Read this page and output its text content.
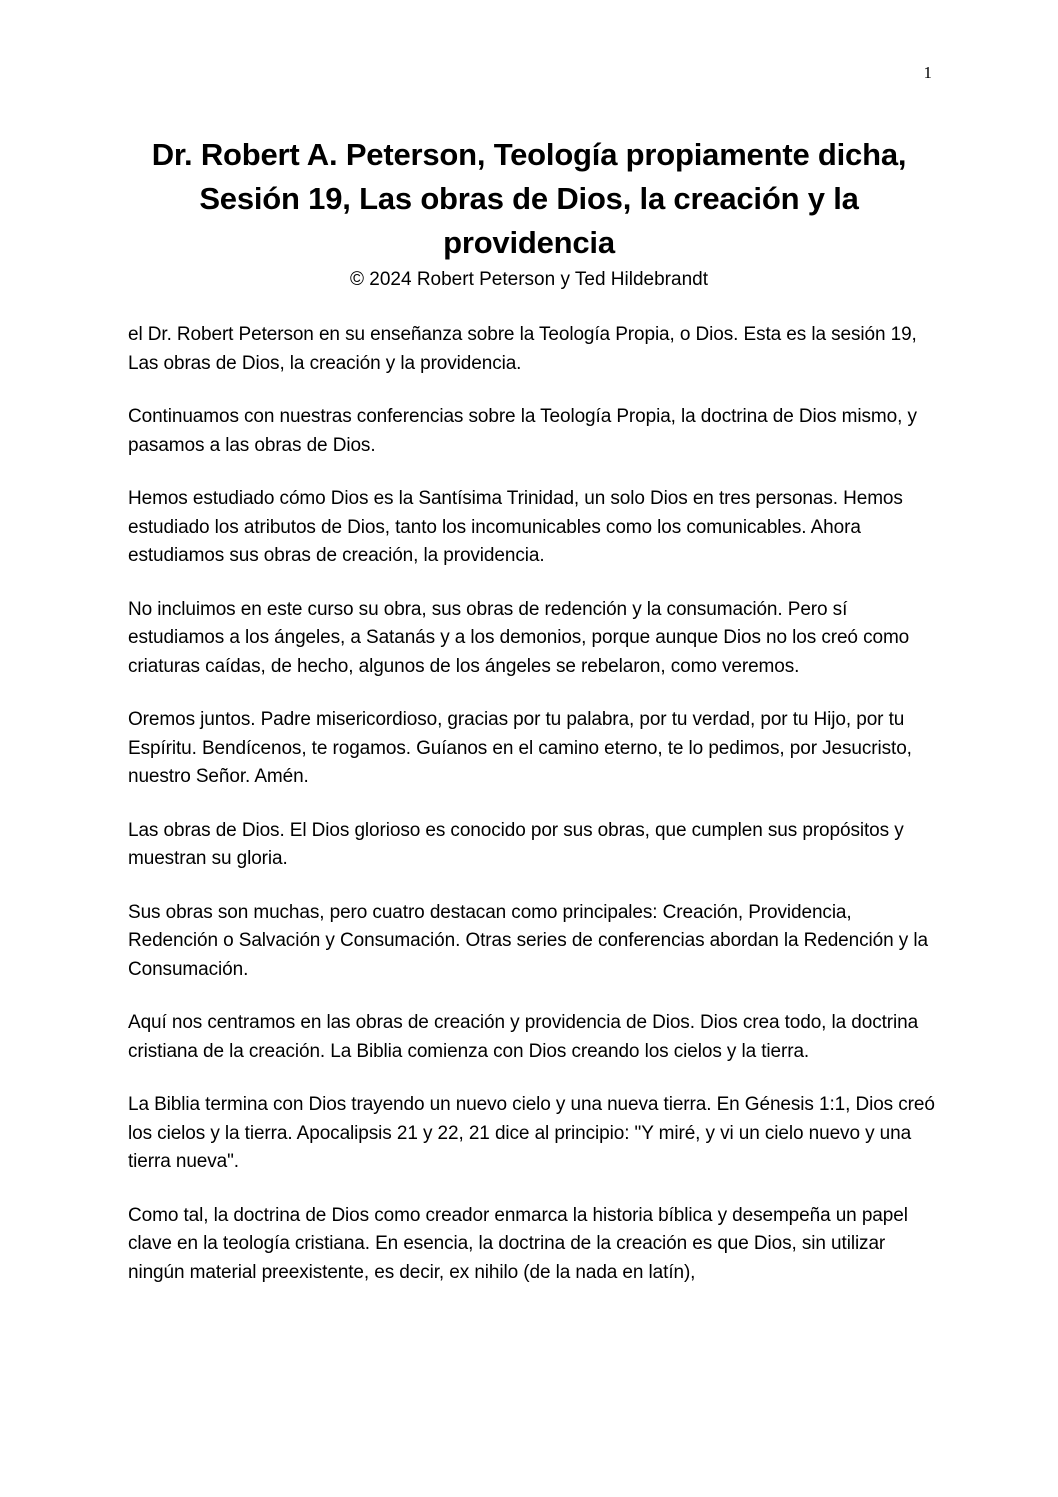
1
Dr. Robert A. Peterson, Teología propiamente dicha, Sesión 19, Las obras de Dios, la creación y la providencia
© 2024 Robert Peterson y Ted Hildebrandt

el Dr. Robert Peterson en su enseñanza sobre la Teología Propia, o Dios. Esta es la sesión 19, Las obras de Dios, la creación y la providencia.

Continuamos con nuestras conferencias sobre la Teología Propia, la doctrina de Dios mismo, y pasamos a las obras de Dios.

Hemos estudiado cómo Dios es la Santísima Trinidad, un solo Dios en tres personas. Hemos estudiado los atributos de Dios, tanto los incomunicables como los comunicables. Ahora estudiamos sus obras de creación, la providencia.

No incluimos en este curso su obra, sus obras de redención y la consumación. Pero sí estudiamos a los ángeles, a Satanás y a los demonios, porque aunque Dios no los creó como criaturas caídas, de hecho, algunos de los ángeles se rebelaron, como veremos.

Oremos juntos. Padre misericordioso, gracias por tu palabra, por tu verdad, por tu Hijo, por tu Espíritu. Bendícenos, te rogamos. Guíanos en el camino eterno, te lo pedimos, por Jesucristo, nuestro Señor. Amén.

Las obras de Dios. El Dios glorioso es conocido por sus obras, que cumplen sus propósitos y muestran su gloria.

Sus obras son muchas, pero cuatro destacan como principales: Creación, Providencia, Redención o Salvación y Consumación. Otras series de conferencias abordan la Redención y la Consumación.

Aquí nos centramos en las obras de creación y providencia de Dios. Dios crea todo, la doctrina cristiana de la creación. La Biblia comienza con Dios creando los cielos y la tierra.

La Biblia termina con Dios trayendo un nuevo cielo y una nueva tierra. En Génesis 1:1, Dios creó los cielos y la tierra. Apocalipsis 21 y 22, 21 dice al principio: "Y miré, y vi un cielo nuevo y una tierra nueva".

Como tal, la doctrina de Dios como creador enmarca la historia bíblica y desempeña un papel clave en la teología cristiana. En esencia, la doctrina de la creación es que Dios, sin utilizar ningún material preexistente, es decir, ex nihilo (de la nada en latín),
